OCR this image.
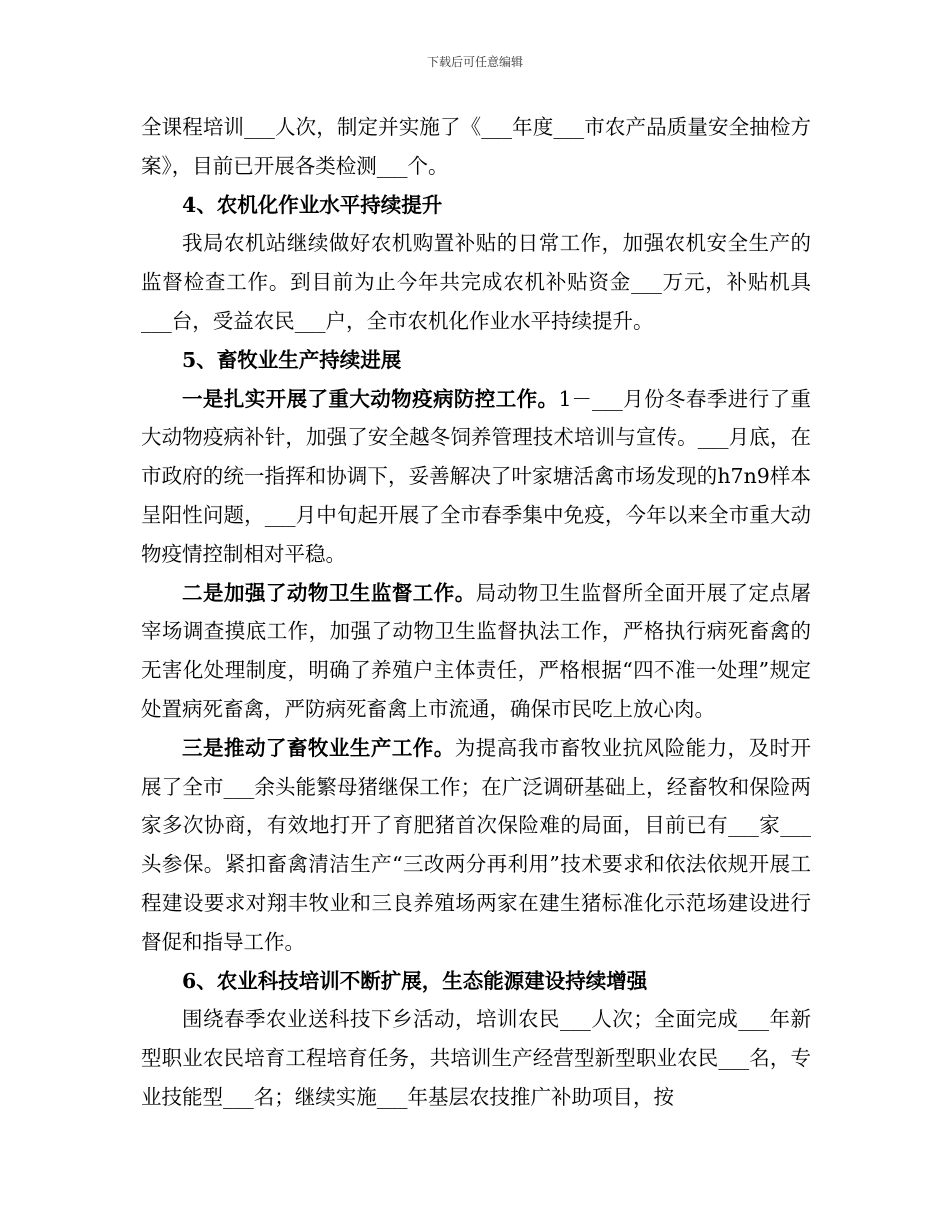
下载后可任意编辑

全课程培训___人次，制定并实施了《___年度___市农产品质量安全抽检方案》，目前已开展各类检测___个。

4、农机化作业水平持续提升

我局农机站继续做好农机购置补贴的日常工作，加强农机安全生产的监督检查工作。到目前为止今年共完成农机补贴资金___万元，补贴机具___台，受益农民___户，全市农机化作业水平持续提升。

5、畜牧业生产持续进展

一是扎实开展了重大动物疫病防控工作。1－___月份冬春季进行了重大动物疫病补针，加强了安全越冬饲养管理技术培训与宣传。___月底，在市政府的统一指挥和协调下，妥善解决了叶家塘活禽市场发现的h7n9样本呈阳性问题，___月中旬起开展了全市春季集中免疫，今年以来全市重大动物疫情控制相对平稳。

二是加强了动物卫生监督工作。局动物卫生监督所全面开展了定点屠宰场调查摸底工作，加强了动物卫生监督执法工作，严格执行病死畜禽的无害化处理制度，明确了养殖户主体责任，严格根据“四不准一处理”规定处置病死畜禽，严防病死畜禽上市流通，确保市民吃上放心肉。

三是推动了畜牧业生产工作。为提高我市畜牧业抗风险能力，及时开展了全市___余头能繁母猪继保工作；在广泛调研基础上，经畜牧和保险两家多次协商，有效地打开了育肥猪首次保险难的局面，目前已有___家___头参保。紧扣畜禽清洁生产“三改两分再利用”技术要求和依法依规开展工程建设要求对翔丰牧业和三良养殖场两家在建生猪标准化示范场建设进行督促和指导工作。

6、农业科技培训不断扩展，生态能源建设持续增强

围绕春季农业送科技下乡活动，培训农民___人次；全面完成___年新型职业农民培育工程培育任务，共培训生产经营型新型职业农民___名，专业技能型___名；继续实施___年基层农技推广补助项目，按
